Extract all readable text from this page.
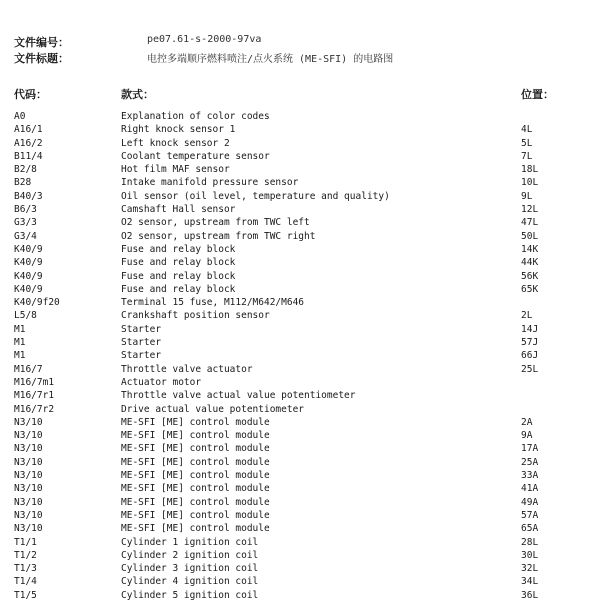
文件编号：	pe07.61-s-2000-97va
文件标题：	电控多端顺序燃料喷注/点火系统 (ME-SFI) 的电路图
代码：	款式：	位置：
A0	Explanation of color codes
A16/1	Right knock sensor 1	4L
A16/2	Left knock sensor 2	5L
B11/4	Coolant temperature sensor	7L
B2/8	Hot film MAF sensor	18L
B28	Intake manifold pressure sensor	10L
B40/3	Oil sensor (oil level, temperature and quality)	9L
B6/3	Camshaft Hall sensor	12L
G3/3	O2 sensor, upstream from TWC left	47L
G3/4	O2 sensor, upstream from TWC right	50L
K40/9	Fuse and relay block	14K
K40/9	Fuse and relay block	44K
K40/9	Fuse and relay block	56K
K40/9	Fuse and relay block	65K
K40/9f20	Terminal 15 fuse, M112/M642/M646
L5/8	Crankshaft position sensor	2L
M1	Starter	14J
M1	Starter	57J
M1	Starter	66J
M16/7	Throttle valve actuator	25L
M16/7m1	Actuator motor
M16/7r1	Throttle valve actual value potentiometer
M16/7r2	Drive actual value potentiometer
N3/10	ME-SFI [ME] control module	2A
N3/10	ME-SFI [ME] control module	9A
N3/10	ME-SFI [ME] control module	17A
N3/10	ME-SFI [ME] control module	25A
N3/10	ME-SFI [ME] control module	33A
N3/10	ME-SFI [ME] control module	41A
N3/10	ME-SFI [ME] control module	49A
N3/10	ME-SFI [ME] control module	57A
N3/10	ME-SFI [ME] control module	65A
T1/1	Cylinder 1 ignition coil	28L
T1/2	Cylinder 2 ignition coil	30L
T1/3	Cylinder 3 ignition coil	32L
T1/4	Cylinder 4 ignition coil	34L
T1/5	Cylinder 5 ignition coil	36L
